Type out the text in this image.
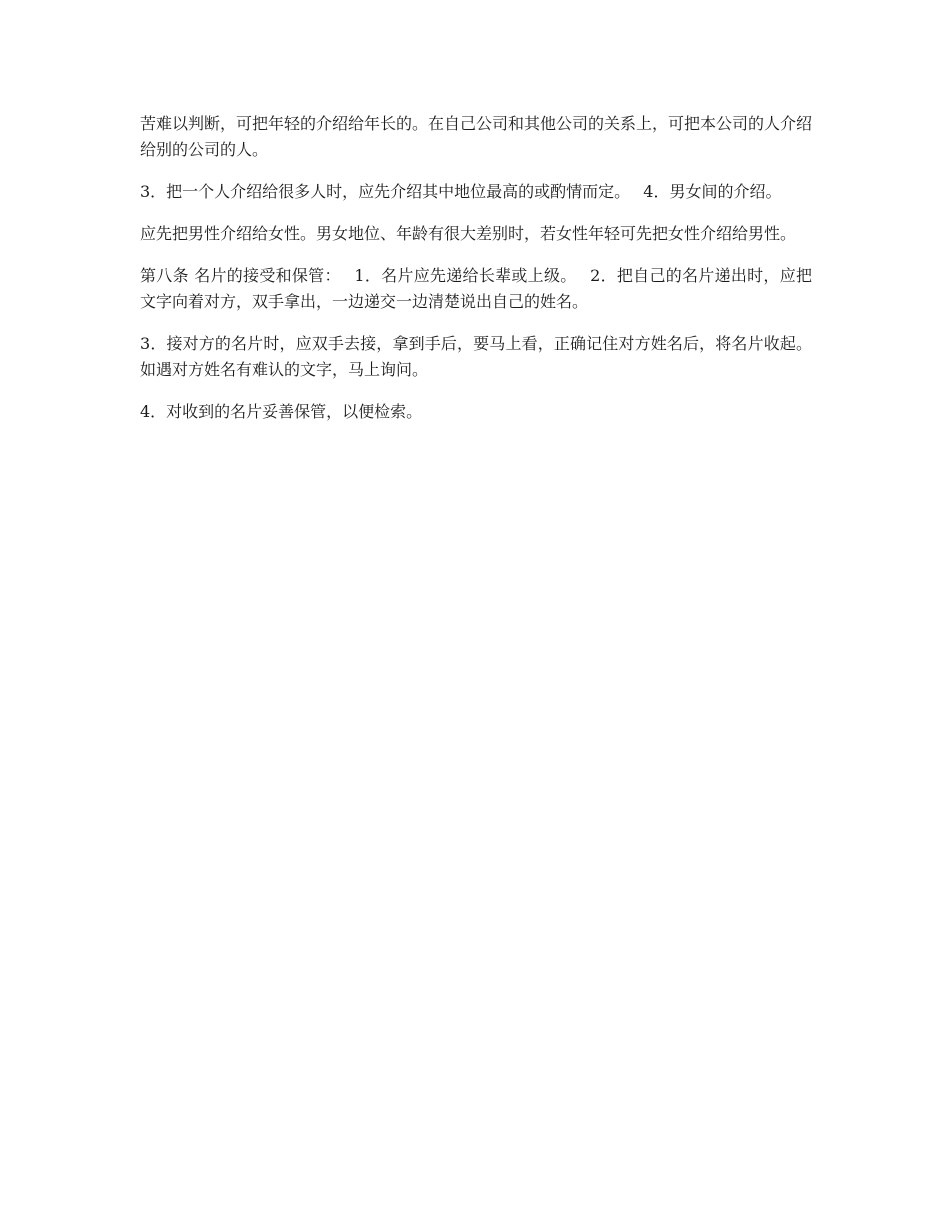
苦难以判断，可把年轻的介绍给年长的。在自己公司和其他公司的关系上，可把本公司的人介绍给别的公司的人。

3．把一个人介绍给很多人时，应先介绍其中地位最高的或酌情而定。　 4．男女间的介绍。

应先把男性介绍给女性。男女地位、年龄有很大差别时，若女性年轻可先把女性介绍给男性。

第八条 名片的接受和保管：　 1．名片应先递给长辈或上级。　 2．把自己的名片递出时，应把文字向着对方，双手拿出，一边递交一边清楚说出自己的姓名。

3．接对方的名片时，应双手去接，拿到手后，要马上看，正确记住对方姓名后，将名片收起。如遇对方姓名有难认的文字，马上询问。

4．对收到的名片妥善保管，以便检索。
